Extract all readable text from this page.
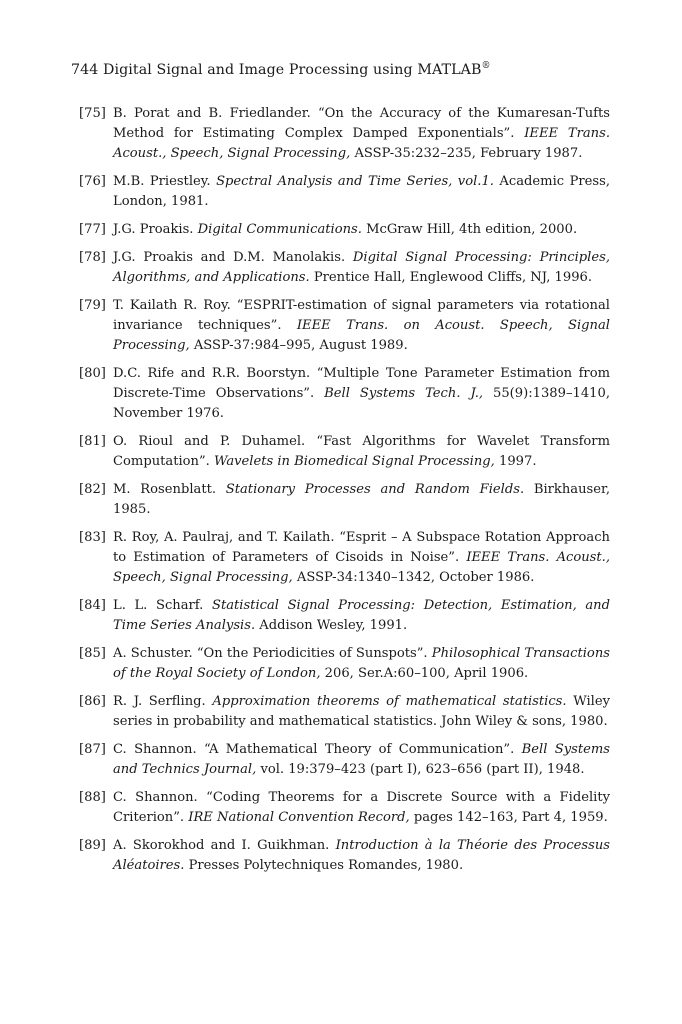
744 Digital Signal and Image Processing using MATLAB®
[75] B. Porat and B. Friedlander. “On the Accuracy of the Kumaresan-Tufts Method for Estimating Complex Damped Exponentials”. IEEE Trans. Acoust., Speech, Signal Processing, ASSP-35:232–235, February 1987.
[76] M.B. Priestley. Spectral Analysis and Time Series, vol.1. Academic Press, London, 1981.
[77] J.G. Proakis. Digital Communications. McGraw Hill, 4th edition, 2000.
[78] J.G. Proakis and D.M. Manolakis. Digital Signal Processing: Principles, Algorithms, and Applications. Prentice Hall, Englewood Cliffs, NJ, 1996.
[79] T. Kailath R. Roy. “ESPRIT-estimation of signal parameters via rotational invariance techniques”. IEEE Trans. on Acoust. Speech, Signal Processing, ASSP-37:984–995, August 1989.
[80] D.C. Rife and R.R. Boorstyn. “Multiple Tone Parameter Estimation from Discrete-Time Observations”. Bell Systems Tech. J., 55(9):1389–1410, November 1976.
[81] O. Rioul and P. Duhamel. “Fast Algorithms for Wavelet Transform Computation”. Wavelets in Biomedical Signal Processing, 1997.
[82] M. Rosenblatt. Stationary Processes and Random Fields. Birkhauser, 1985.
[83] R. Roy, A. Paulraj, and T. Kailath. “Esprit – A Subspace Rotation Approach to Estimation of Parameters of Cisoids in Noise”. IEEE Trans. Acoust., Speech, Signal Processing, ASSP-34:1340–1342, October 1986.
[84] L. L. Scharf. Statistical Signal Processing: Detection, Estimation, and Time Series Analysis. Addison Wesley, 1991.
[85] A. Schuster. “On the Periodicities of Sunspots”. Philosophical Transactions of the Royal Society of London, 206, Ser.A:60–100, April 1906.
[86] R. J. Serfling. Approximation theorems of mathematical statistics. Wiley series in probability and mathematical statistics. John Wiley & sons, 1980.
[87] C. Shannon. “A Mathematical Theory of Communication”. Bell Systems and Technics Journal, vol. 19:379–423 (part I), 623–656 (part II), 1948.
[88] C. Shannon. “Coding Theorems for a Discrete Source with a Fidelity Criterion”. IRE National Convention Record, pages 142–163, Part 4, 1959.
[89] A. Skorokhod and I. Guikhman. Introduction à la Théorie des Processus Aléatoires. Presses Polytechniques Romandes, 1980.
